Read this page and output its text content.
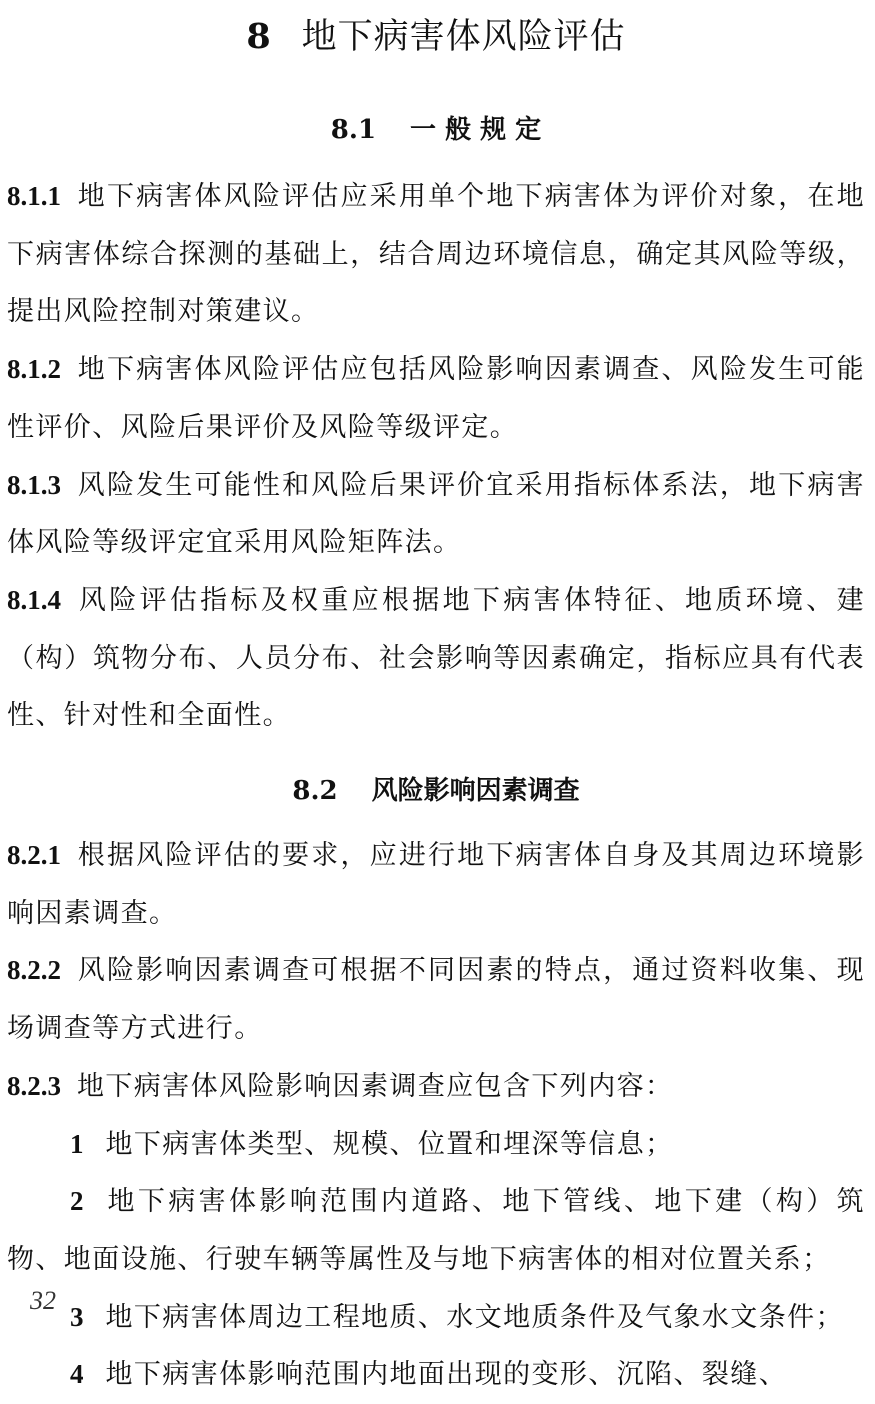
8 地下病害体风险评估
8.1 一 般 规 定

8.1.1 地下病害体风险评估应采用单个地下病害体为评价对象，在地下病害体综合探测的基础上，结合周边环境信息，确定其风险等级，提出风险控制对策建议。

8.1.2 地下病害体风险评估应包括风险影响因素调查、风险发生可能性评价、风险后果评价及风险等级评定。

8.1.3 风险发生可能性和风险后果评价宜采用指标体系法，地下病害体风险等级评定宜采用风险矩阵法。

8.1.4 风险评估指标及权重应根据地下病害体特征、地质环境、建（构）筑物分布、人员分布、社会影响等因素确定，指标应具有代表性、针对性和全面性。

8.2 风险影响因素调查

8.2.1 根据风险评估的要求，应进行地下病害体自身及其周边环境影响因素调查。

8.2.2 风险影响因素调查可根据不同因素的特点，通过资料收集、现场调查等方式进行。

8.2.3 地下病害体风险影响因素调查应包含下列内容：

1 地下病害体类型、规模、位置和埋深等信息；

2 地下病害体影响范围内道路、地下管线、地下建（构）筑物、地面设施、行驶车辆等属性及与地下病害体的相对位置关系；

3 地下病害体周边工程地质、水文地质条件及气象水文条件；

4 地下病害体影响范围内地面出现的变形、沉陷、裂缝、

32
